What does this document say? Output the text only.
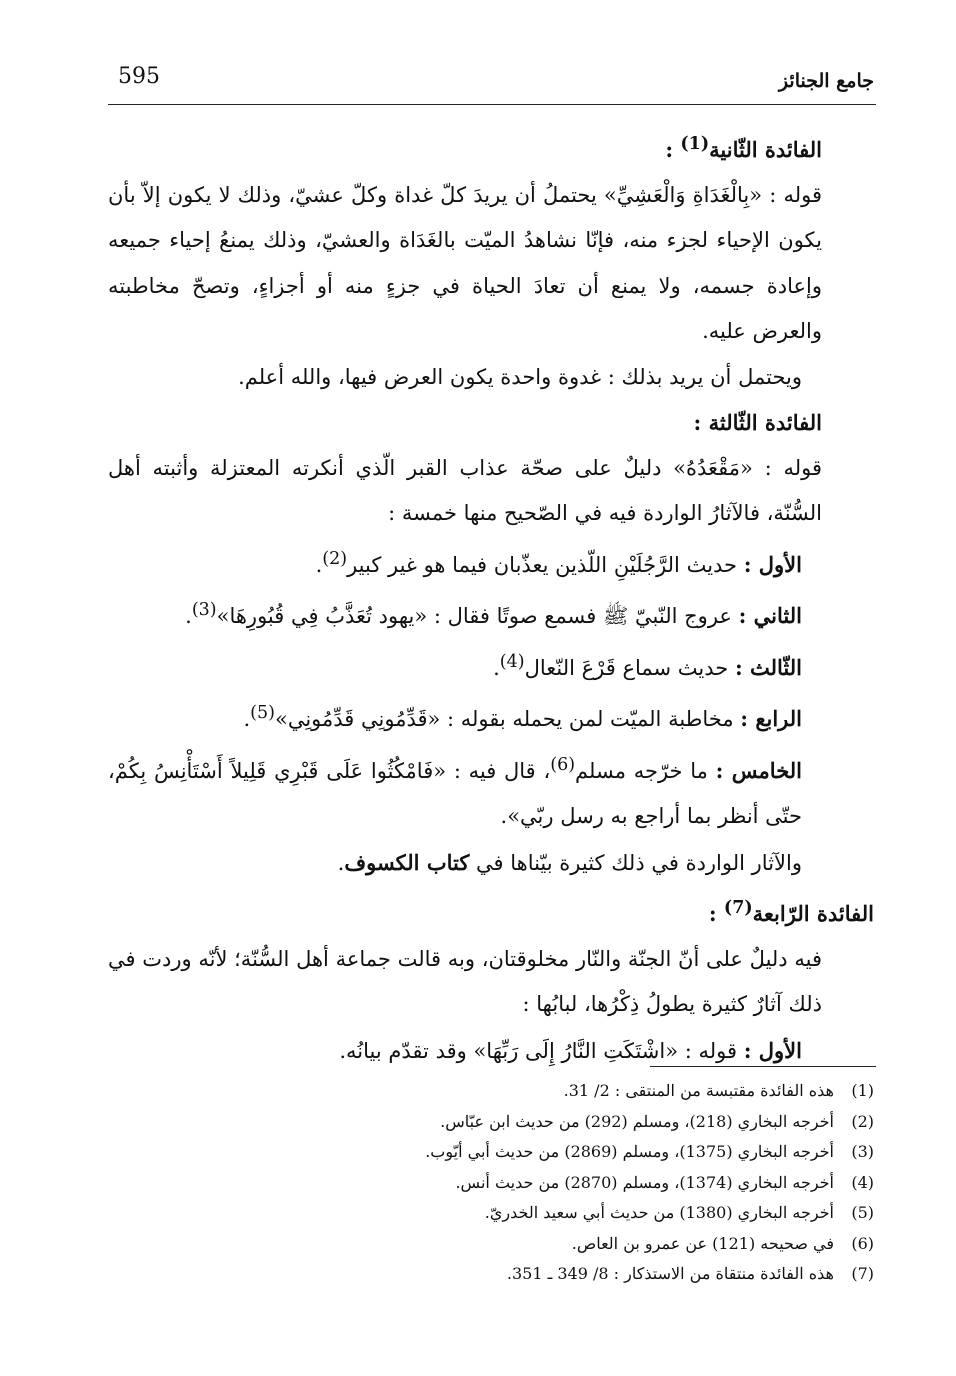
جامع الجنائز
595

الفائدة الثّانية$^{(1)}$ :

قوله : «بِالْغَدَاةِ وَالْعَشِيِّ» يحتملُ أن يريدَ كلّ غداة وكلّ عشيّ، وذلك لا يكون إلاّ بأن يكون الإحياء لجزء منه، فإنّا نشاهدُ الميّت بالغَدَاة والعشيّ، وذلك يمنعُ إحياء جميعه وإعادة جسمه، ولا يمنع أن تعادَ الحياة في جزءٍ منه أو أجزاءٍ، وتصحّ مخاطبته والعرض عليه.

ويحتمل أن يريد بذلك : غدوة واحدة يكون العرض فيها، والله أعلم.

الفائدة الثّالثة :

قوله : «مَقْعَدُهُ» دليلٌ على صحّة عذاب القبر الّذي أنكرته المعتزلة وأثبته أهل السُّنّة، فالآثارُ الواردة فيه في الصّحيح منها خمسة :

الأول : حديث الرَّجُلَيْنِ اللّذين يعذّبان فيما هو غير كبير$^{(2)}$.

الثاني : عروج النّبيّ ﷺ فسمع صوتًا فقال : «يهود تُعَذَّبُ فِي قُبُورِهَا»$^{(3)}$.

الثّالث : حديث سماع قَرْعَ النّعال$^{(4)}$.

الرابع : مخاطبة الميّت لمن يحمله بقوله : «قَدِّمُونِي قَدِّمُونِي»$^{(5)}$.

الخامس : ما خرّجه مسلم$^{(6)}$، قال فيه : «فَامْكُثُوا عَلَى قَبْرِي قَلِيلاً أَسْتَأْنِسُ بِكُمْ، حتّى أنظر بما أراجع به رسل ربّي».

والآثار الواردة في ذلك كثيرة بيّناها في كتاب الكسوف.

الفائدة الرّابعة$^{(7)}$ :

فيه دليلٌ على أنّ الجنّة والنّار مخلوقتان، وبه قالت جماعة أهل السُّنّة؛ لأنّه وردت في ذلك آثارٌ كثيرة يطولُ ذِكْرُها، لبابُها :

الأول : قوله : «اشْتَكَتِ النَّارُ إِلَى رَبِّهَا» وقد تقدّم بيانُه.

(1)
هذه الفائدة مقتبسة من المنتقى : 2/ 31.
(2)
أخرجه البخاري (218)، ومسلم (292) من حديث ابن عبّاس.
(3)
أخرجه البخاري (1375)، ومسلم (2869) من حديث أبي أيّوب.
(4)
أخرجه البخاري (1374)، ومسلم (2870) من حديث أنس.
(5)
أخرجه البخاري (1380) من حديث أبي سعيد الخدريّ.
(6)
في صحيحه (121) عن عمرو بن العاص.
(7)
هذه الفائدة منتقاة من الاستذكار : 8/ 349 ـ 351.
